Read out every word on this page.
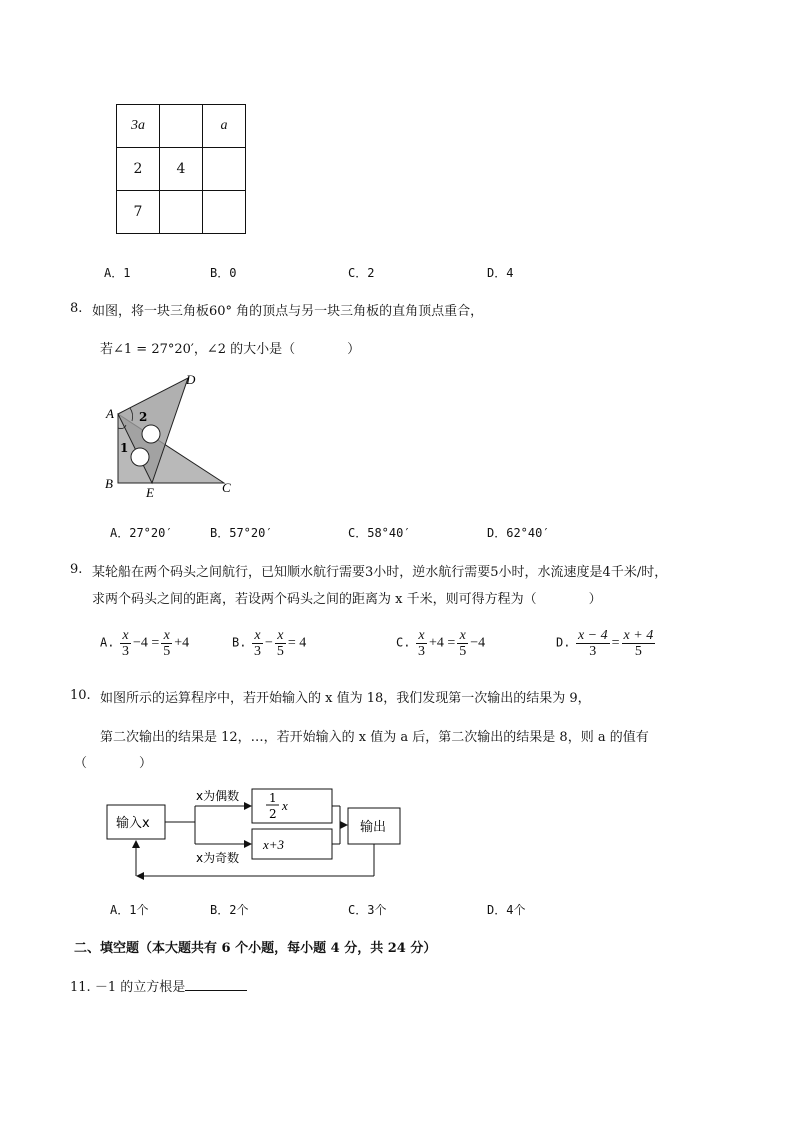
3a		a
2	4	
7		
A．1	B．0	C．2	D．4
8. 如图，将一块三角板60° 角的顶点与另一块三角板的直角顶点重合，
若∠1 = 27°20′，∠2 的大小是（　　　　）
A
D
B
E	C
2
1
A．27°20′	B．57°20′	C．58°40′	D．62°40′
9. 某轮船在两个码头之间航行，已知顺水航行需要3小时，逆水航行需要5小时，水流速度是4千米/时，
求两个码头之间的距离，若设两个码头之间的距离为 x 千米，则可得方程为（　　　　）
A. $\frac{x}{3} -4 = \frac{x}{5} +4$	B. $\frac{x}{3} - \frac{x}{5} = 4$	C. $\frac{x}{3} +4 = \frac{x}{5} -4$	D. $\frac{x - 4}{3} = \frac{x + 4}{5}$
10. 如图所示的运算程序中，若开始输入的 x 值为 18，我们发现第一次输出的结果为 9，
第二次输出的结果是 12，…，若开始输入的 x 值为 a 后，第二次输出的结果是 8，则 a 的值有
（　　　　）
输入x
1
2
x
x+3
输出
x为偶数
x为奇数
A．1个	B．2个	C．3个	D．4个
二、填空题（本大题共有 6 个小题，每小题 4 分，共 24 分）
11. －1 的立方根是
